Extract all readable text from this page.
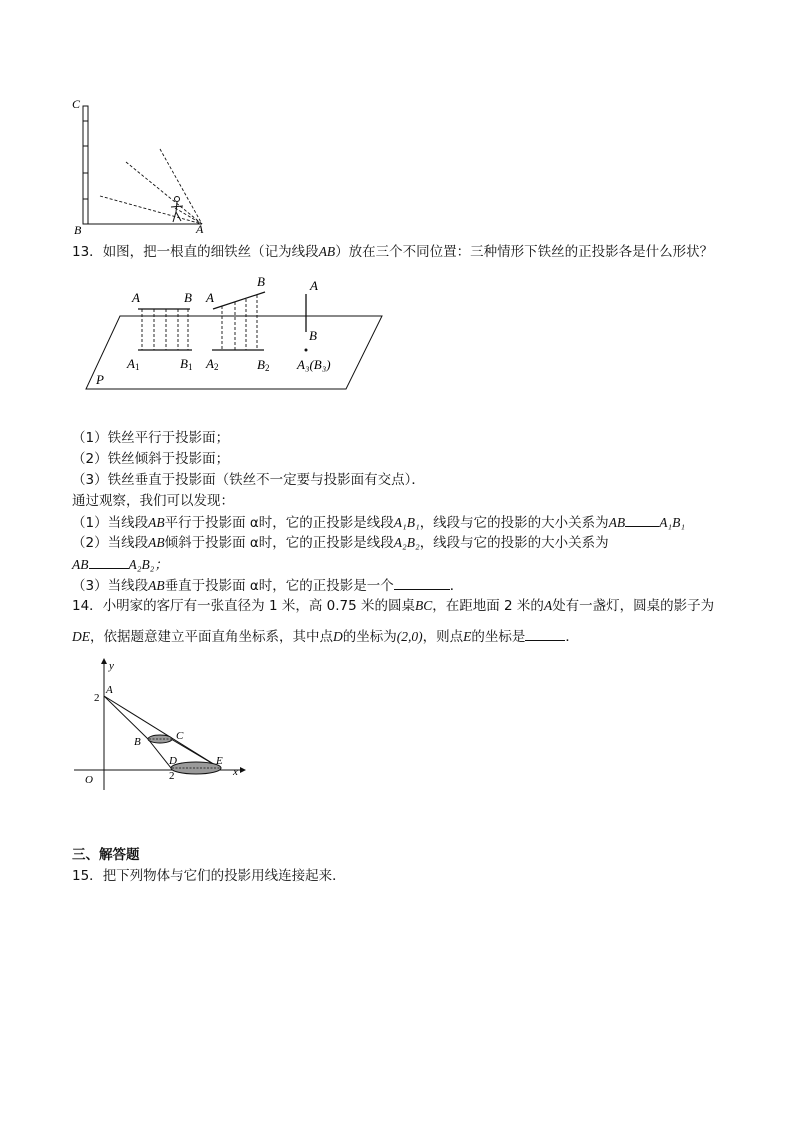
C
B	A
13．如图，把一根直的细铁丝（记为线段AB）放在三个不同位置：三种情形下铁丝的正投影各是什么形状？
P
A	B
A1	B1
A
B
A2	B2
A
B
A₃(B₃)
（1）铁丝平行于投影面；
（2）铁丝倾斜于投影面；
（3）铁丝垂直于投影面（铁丝不一定要与投影面有交点）．
通过观察，我们可以发现：
（1）当线段AB平行于投影面 α时，它的正投影是线段A₁B₁，线段与它的投影的大小关系为AB	A₁B₁
（2）当线段AB倾斜于投影面 α时，它的正投影是线段A₂B₂，线段与它的投影的大小关系为
AB	A₂B₂；
（3）当线段AB垂直于投影面 α时，它的正投影是一个	．
14．小明家的客厅有一张直径为 1 米，高 0.75 米的圆桌BC，在距地面 2 米的A处有一盏灯，圆桌的影子为
DE，依据题意建立平面直角坐标系，其中点D的坐标为(2,0)，则点E的坐标是	．
y
x
O
2
2
A
B	C
D	E
三、解答题
15．把下列物体与它们的投影用线连接起来．
